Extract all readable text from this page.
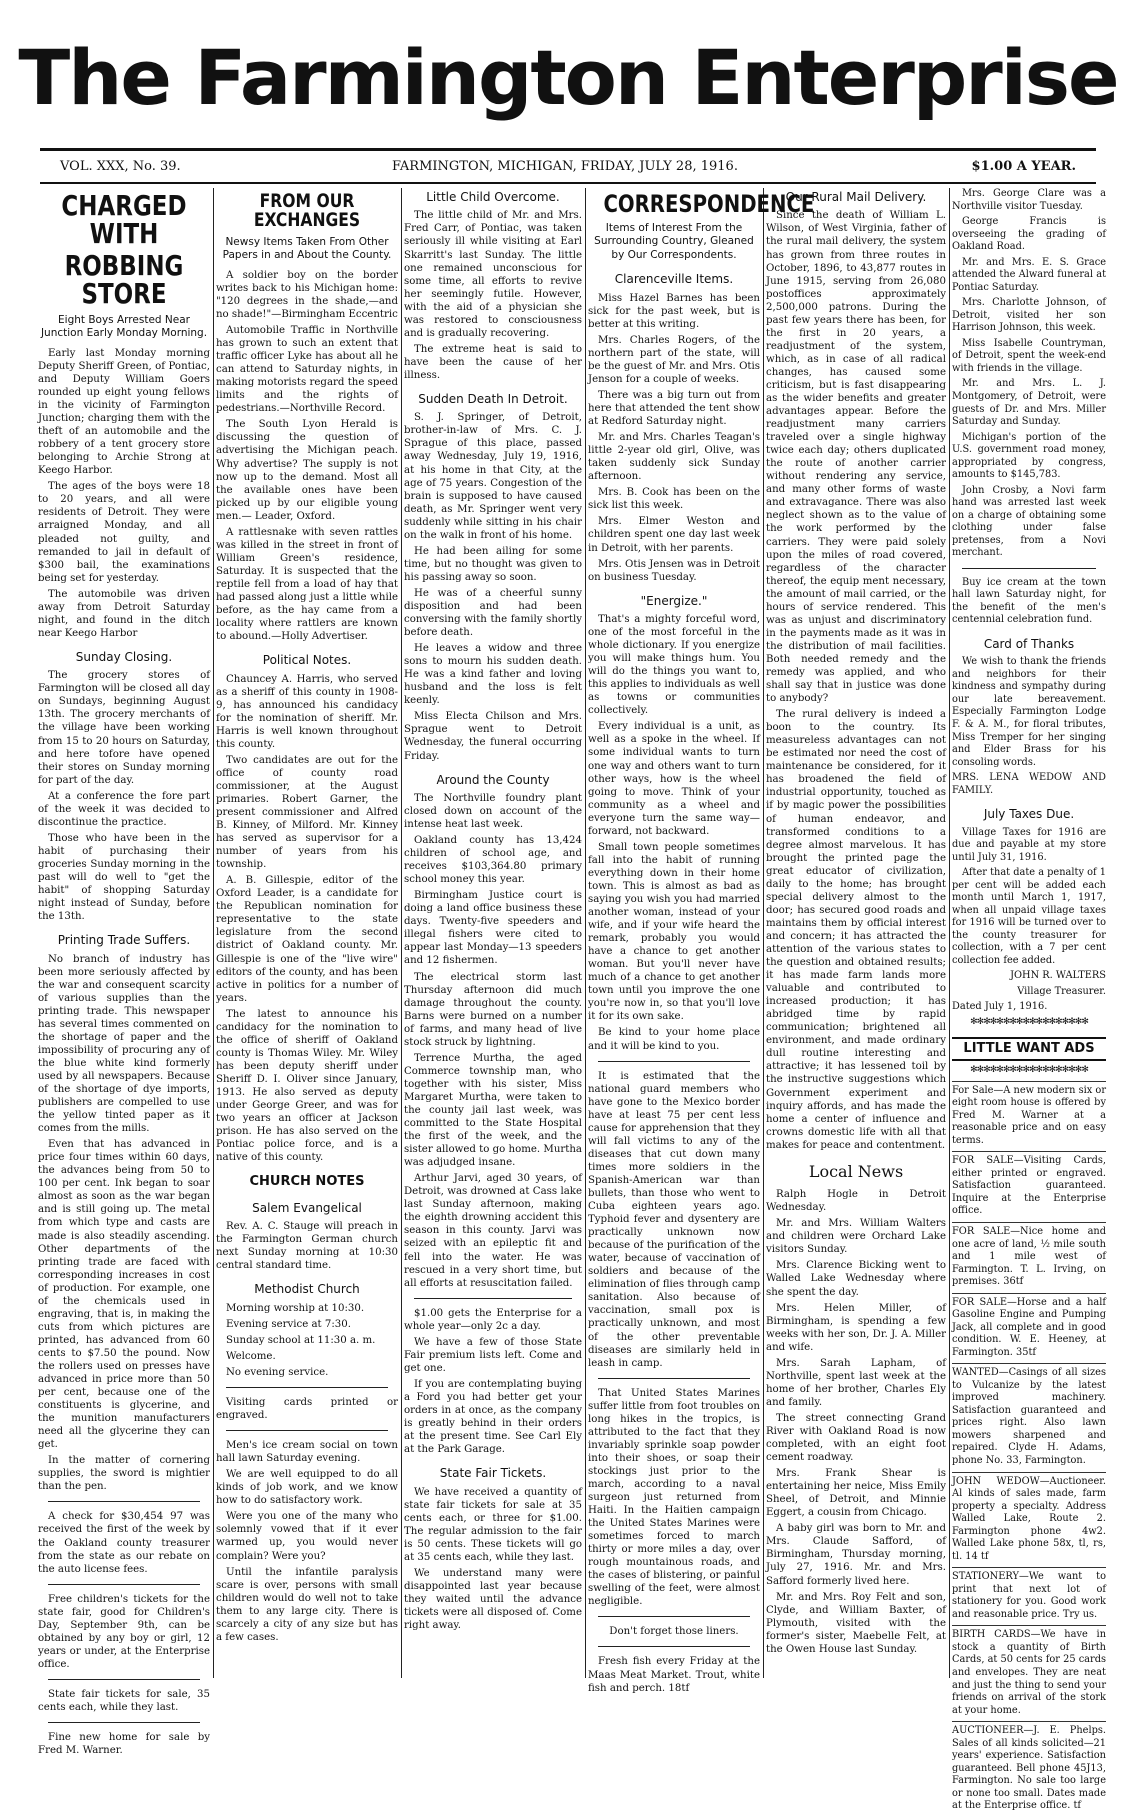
The Farmington Enterprise
VOL. XXX, No. 39.	FARMINGTON, MICHIGAN, FRIDAY, JULY 28, 1916.	$1.00 A YEAR.
CHARGED WITH
ROBBING STORE
Eight Boys Arrested Near Junction Early Monday Morning.

Early last Monday morning Deputy Sheriff Green, of Pontiac, and Deputy William Goers rounded up eight young fellows in the vicinity of Farmington Junction; charging them with the theft of an automobile and the robbery of a tent grocery store belonging to Archie Strong at Keego Harbor.

The ages of the boys were 18 to 20 years, and all were residents of Detroit. They were arraigned Monday, and all pleaded not guilty, and remanded to jail in default of $300 bail, the examinations being set for yesterday.

The automobile was driven away from Detroit Saturday night, and found in the ditch near Keego Harbor

Sunday Closing.

The grocery stores of Farmington will be closed all day on Sundays, beginning August 13th. The grocery merchants of the village have been working from 15 to 20 hours on Saturday, and here tofore have opened their stores on Sunday morning for part of the day.

At a conference the fore part of the week it was decided to discontinue the practice.

Those who have been in the habit of purchasing their groceries Sunday morning in the past will do well to "get the habit" of shopping Saturday night instead of Sunday, before the 13th.

Printing Trade Suffers.

No branch of industry has been more seriously affected by the war and consequent scarcity of various supplies than the printing trade. This newspaper has several times commented on the shortage of paper and the impossibility of procuring any of the blue white kind formerly used by all newspapers. Because of the shortage of dye imports, publishers are compelled to use the yellow tinted paper as it comes from the mills.

Even that has advanced in price four times within 60 days, the advances being from 50 to 100 per cent. Ink began to soar almost as soon as the war began and is still going up. The metal from which type and casts are made is also steadily ascending. Other departments of the printing trade are faced with corresponding increases in cost of production. For example, one of the chemicals used in engraving, that is, in making the cuts from which pictures are printed, has advanced from 60 cents to $7.50 the pound. Now the rollers used on presses have advanced in price more than 50 per cent, because one of the constituents is glycerine, and the munition manufacturers need all the glycerine they can get.

In the matter of cornering supplies, the sword is mightier than the pen.

A check for $30,454 97 was received the first of the week by the Oakland county treasurer from the state as our rebate on the auto license fees.

Free children's tickets for the state fair, good for Children's Day, September 9th, can be obtained by any boy or girl, 12 years or under, at the Enterprise office.

State fair tickets for sale, 35 cents each, while they last.

Fine new home for sale by Fred M. Warner.

FROM OUR EXCHANGES
Newsy Items Taken From Other Papers in and About the County.

A soldier boy on the border writes back to his Michigan home: "120 degrees in the shade,—and no shade!"—Birmingham Eccentric

Automobile Traffic in Northville has grown to such an extent that traffic officer Lyke has about all he can attend to Saturday nights, in making motorists regard the speed limits and the rights of pedestrians.—Northville Record.

The South Lyon Herald is discussing the question of advertising the Michigan peach. Why advertise? The supply is not now up to the demand. Most all the available ones have been picked up by our eligible young men.— Leader, Oxford.

A rattlesnake with seven rattles was killed in the street in front of William Green's residence, Saturday. It is suspected that the reptile fell from a load of hay that had passed along just a little while before, as the hay came from a locality where rattlers are known to abound.—Holly Advertiser.

Political Notes.

Chauncey A. Harris, who served as a sheriff of this county in 1908-9, has announced his candidacy for the nomination of sheriff. Mr. Harris is well known throughout this county.

Two candidates are out for the office of county road commissioner, at the August primaries. Robert Garner, the present commissioner and Alfred B. Kinney, of Milford. Mr. Kinney has served as supervisor for a number of years from his township.

A. B. Gillespie, editor of the Oxford Leader, is a candidate for the Republican nomination for representative to the state legislature from the second district of Oakland county. Mr. Gillespie is one of the "live wire" editors of the county, and has been active in politics for a number of years.

The latest to announce his candidacy for the nomination to the office of sheriff of Oakland county is Thomas Wiley. Mr. Wiley has been deputy sheriff under Sheriff D. I. Oliver since January, 1913. He also served as deputy under George Greer, and was for two years an officer at Jackson prison. He has also served on the Pontiac police force, and is a native of this county.

CHURCH NOTES
Salem Evangelical

Rev. A. C. Stauge will preach in the Farmington German church next Sunday morning at 10:30 central standard time.

Methodist Church

Morning worship at 10:30.

Evening service at 7:30.

Sunday school at 11:30 a. m.

Welcome.

No evening service.

Visiting cards printed or engraved.

Men's ice cream social on town hall lawn Saturday evening.

We are well equipped to do all kinds of job work, and we know how to do satisfactory work.

Were you one of the many who solemnly vowed that if it ever warmed up, you would never complain? Were you?

Until the infantile paralysis scare is over, persons with small children would do well not to take them to any large city. There is scarcely a city of any size but has a few cases.

Little Child Overcome.

The little child of Mr. and Mrs. Fred Carr, of Pontiac, was taken seriously ill while visiting at Earl Skarritt's last Sunday. The little one remained unconscious for some time, all efforts to revive her seemingly futile. However, with the aid of a physician she was restored to consciousness and is gradually recovering.

The extreme heat is said to have been the cause of her illness.

Sudden Death In Detroit.

S. J. Springer, of Detroit, brother-in-law of Mrs. C. J. Sprague of this place, passed away Wednesday, July 19, 1916, at his home in that City, at the age of 75 years. Congestion of the brain is supposed to have caused death, as Mr. Springer went very suddenly while sitting in his chair on the walk in front of his home.

He had been ailing for some time, but no thought was given to his passing away so soon.

He was of a cheerful sunny disposition and had been conversing with the family shortly before death.

He leaves a widow and three sons to mourn his sudden death. He was a kind father and loving husband and the loss is felt keenly.

Miss Electa Chilson and Mrs. Sprague went to Detroit Wednesday, the funeral occurring Friday.

Around the County

The Northville foundry plant closed down on account of the intense heat last week.

Oakland county has 13,424 children of school age, and receives $103,364.80 primary school money this year.

Birmingham Justice court is doing a land office business these days. Twenty-five speeders and illegal fishers were cited to appear last Monday—13 speeders and 12 fishermen.

The electrical storm last Thursday afternoon did much damage throughout the county. Barns were burned on a number of farms, and many head of live stock struck by lightning.

Terrence Murtha, the aged Commerce township man, who together with his sister, Miss Margaret Murtha, were taken to the county jail last week, was committed to the State Hospital the first of the week, and the sister allowed to go home. Murtha was adjudged insane.

Arthur Jarvi, aged 30 years, of Detroit, was drowned at Cass lake last Sunday afternoon, making the eighth drowning accident this season in this county. Jarvi was seized with an epileptic fit and fell into the water. He was rescued in a very short time, but all efforts at resuscitation failed.

$1.00 gets the Enterprise for a whole year—only 2c a day.

We have a few of those State Fair premium lists left. Come and get one.

If you are contemplating buying a Ford you had better get your orders in at once, as the company is greatly behind in their orders at the present time. See Carl Ely at the Park Garage.

State Fair Tickets.

We have received a quantity of state fair tickets for sale at 35 cents each, or three for $1.00. The regular admission to the fair is 50 cents. These tickets will go at 35 cents each, while they last.

We understand many were disappointed last year because they waited until the advance tickets were all disposed of. Come right away.

CORRESPONDENCE
Items of Interest From the Surrounding Country, Gleaned by Our Correspondents.
Clarenceville Items.

Miss Hazel Barnes has been sick for the past week, but is better at this writing.

Mrs. Charles Rogers, of the northern part of the state, will be the guest of Mr. and Mrs. Otis Jenson for a couple of weeks.

There was a big turn out from here that attended the tent show at Redford Saturday night.

Mr. and Mrs. Charles Teagan's little 2-year old girl, Olive, was taken suddenly sick Sunday afternoon.

Mrs. B. Cook has been on the sick list this week.

Mrs. Elmer Weston and children spent one day last week in Detroit, with her parents.

Mrs. Otis Jensen was in Detroit on business Tuesday.

"Energize."

That's a mighty forceful word, one of the most forceful in the whole dictionary. If you energize you will make things hum. You will do the things you want to, this applies to individuals as well as towns or communities collectively.

Every individual is a unit, as well as a spoke in the wheel. If some individual wants to turn one way and others want to turn other ways, how is the wheel going to move. Think of your community as a wheel and everyone turn the same way—forward, not backward.

Small town people sometimes fall into the habit of running everything down in their home town. This is almost as bad as saying you wish you had married another woman, instead of your wife, and if your wife heard the remark, probably you would have a chance to get another woman. But you'll never have much of a chance to get another town until you improve the one you're now in, so that you'll love it for its own sake.

Be kind to your home place and it will be kind to you.

It is estimated that the national guard members who have gone to the Mexico border have at least 75 per cent less cause for apprehension that they will fall victims to any of the diseases that cut down many times more soldiers in the Spanish-American war than bullets, than those who went to Cuba eighteen years ago. Typhoid fever and dysentery are practically unknown now because of the purification of the water, because of vaccination of soldiers and because of the elimination of flies through camp sanitation. Also because of vaccination, small pox is practically unknown, and most of the other preventable diseases are similarly held in leash in camp.

That United States Marines suffer little from foot troubles on long hikes in the tropics, is attributed to the fact that they invariably sprinkle soap powder into their shoes, or soap their stockings just prior to the march, according to a naval surgeon just returned from Haiti. In the Haitien campaign the United States Marines were sometimes forced to march thirty or more miles a day, over rough mountainous roads, and the cases of blistering, or painful swelling of the feet, were almost negligible.

Don't forget those liners.

Fresh fish every Friday at the Maas Meat Market. Trout, white fish and perch. 18tf

Our Rural Mail Delivery.

Since the death of William L. Wilson, of West Virginia, father of the rural mail delivery, the system has grown from three routes in October, 1896, to 43,877 routes in June 1915, serving from 26,080 postoffices approximately 2,500,000 patrons. During the past few years there has been, for the first in 20 years, a readjustment of the system, which, as in case of all radical changes, has caused some criticism, but is fast disappearing as the wider benefits and greater advantages appear. Before the readjustment many carriers traveled over a single highway twice each day; others duplicated the route of another carrier without rendering any service, and many other forms of waste and extravagance. There was also neglect shown as to the value of the work performed by the carriers. They were paid solely upon the miles of road covered, regardless of the character thereof, the equip ment necessary, the amount of mail carried, or the hours of service rendered. This was as unjust and discriminatory in the payments made as it was in the distribution of mail facilities. Both needed remedy and the remedy was applied, and who shall say that in justice was done to anybody?

The rural delivery is indeed a boon to the country. Its measureless advantages can not be estimated nor need the cost of maintenance be considered, for it has broadened the field of industrial opportunity, touched as if by magic power the possibilities of human endeavor, and transformed conditions to a degree almost marvelous. It has brought the printed page the great educator of civilization, daily to the home; has brought special delivery almost to the door; has secured good roads and maintains them by official interest and concern; it has attracted the attention of the various states to the question and obtained results; it has made farm lands more valuable and contributed to increased production; it has abridged time by rapid communication; brightened all environment, and made ordinary dull routine interesting and attractive; it has lessened toil by the instructive suggestions which Government experiment and inquiry affords, and has made the home a center of influence and crowns domestic life with all that makes for peace and contentment.

Local News

Ralph Hogle in Detroit Wednesday.

Mr. and Mrs. William Walters and children were Orchard Lake visitors Sunday.

Mrs. Clarence Bicking went to Walled Lake Wednesday where she spent the day.

Mrs. Helen Miller, of Birmingham, is spending a few weeks with her son, Dr. J. A. Miller and wife.

Mrs. Sarah Lapham, of Northville, spent last week at the home of her brother, Charles Ely and family.

The street connecting Grand River with Oakland Road is now completed, with an eight foot cement roadway.

Mrs. Frank Shear is entertaining her neice, Miss Emily Sheel, of Detroit, and Minnie Eggert, a cousin from Chicago.

A baby girl was born to Mr. and Mrs. Claude Safford, of Birmingham, Thursday morning, July 27, 1916. Mr. and Mrs. Safford formerly lived here.

Mr. and Mrs. Roy Felt and son, Clyde, and William Baxter, of Plymouth, visited with the former's sister, Maebelle Felt, at the Owen House last Sunday.

Mrs. George Clare was a Northville visitor Tuesday.

George Francis is overseeing the grading of Oakland Road.

Mr. and Mrs. E. S. Grace attended the Alward funeral at Pontiac Saturday.

Mrs. Charlotte Johnson, of Detroit, visited her son Harrison Johnson, this week.

Miss Isabelle Countryman, of Detroit, spent the week-end with friends in the village.

Mr. and Mrs. L. J. Montgomery, of Detroit, were guests of Dr. and Mrs. Miller Saturday and Sunday.

Michigan's portion of the U.S. government road money, appropriated by congress, amounts to $145,783.

John Crosby, a Novi farm hand was arrested last week on a charge of obtaining some clothing under false pretenses, from a Novi merchant.

Buy ice cream at the town hall lawn Saturday night, for the benefit of the men's centennial celebration fund.

Card of Thanks

We wish to thank the friends and neighbors for their kindness and sympathy during our late bereavement. Especially Farmington Lodge F. & A. M., for floral tributes, Miss Tremper for her singing and Elder Brass for his consoling words.

MRS. LENA WEDOW AND FAMILY.

July Taxes Due.

Village Taxes for 1916 are due and payable at my store until July 31, 1916.

After that date a penalty of 1 per cent will be added each month until March 1, 1917, when all unpaid village taxes for 1916 will be turned over to the county treasurer for collection, with a 7 per cent collection fee added.

JOHN R. WALTERS

Village Treasurer.

Dated July 1, 1916.

✻✻✻✻✻✻✻✻✻✻✻✻✻✻✻✻✻✻
LITTLE WANT ADS
✻✻✻✻✻✻✻✻✻✻✻✻✻✻✻✻✻✻

For Sale—A new modern six or eight room house is offered by Fred M. Warner at a reasonable price and on easy terms.

FOR SALE—Visiting Cards, either printed or engraved. Satisfaction guaranteed. Inquire at the Enterprise office.

FOR SALE—Nice home and one acre of land, ½ mile south and 1 mile west of Farmington. T. L. Irving, on premises. 36tf

FOR SALE—Horse and a half Gasoline Engine and Pumping Jack, all complete and in good condition. W. E. Heeney, at Farmington. 35tf

WANTED—Casings of all sizes to Vulcanize by the latest improved machinery. Satisfaction guaranteed and prices right. Also lawn mowers sharpened and repaired. Clyde H. Adams, phone No. 33, Farmington.

JOHN WEDOW—Auctioneer. Al kinds of sales made, farm property a specialty. Address Walled Lake, Route 2. Farmington phone 4w2. Walled Lake phone 58x, tl, rs, tl. 14 tf

STATIONERY—We want to print that next lot of stationery for you. Good work and reasonable price. Try us.

BIRTH CARDS—We have in stock a quantity of Birth Cards, at 50 cents for 25 cards and envelopes. They are neat and just the thing to send your friends on arrival of the stork at your home.

AUCTIONEER—J. E. Phelps. Sales of all kinds solicited—21 years' experience. Satisfaction guaranteed. Bell phone 45J13, Farmington. No sale too large or none too small. Dates made at the Enterprise office. tf
